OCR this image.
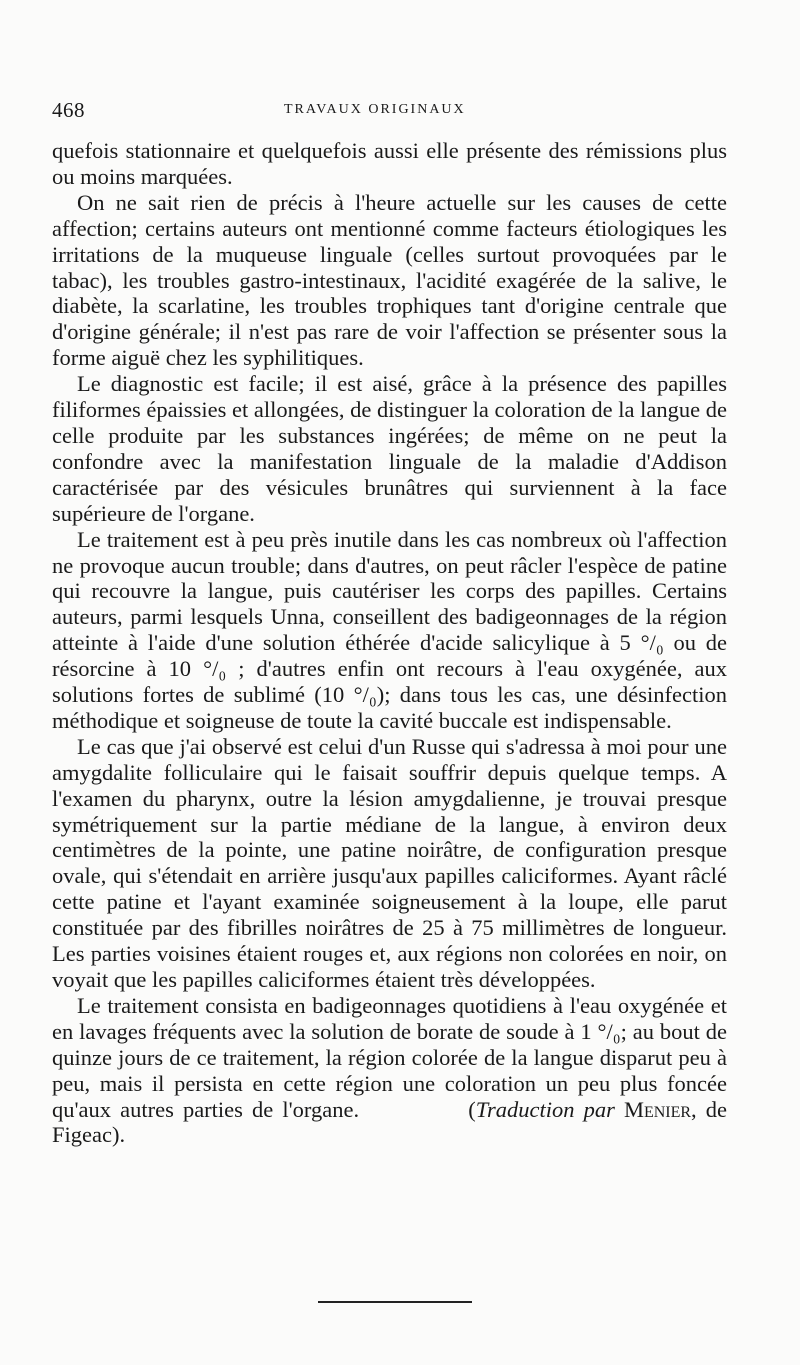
468	TRAVAUX ORIGINAUX

quefois stationnaire et quelquefois aussi elle présente des rémissions plus ou moins marquées.

On ne sait rien de précis à l'heure actuelle sur les causes de cette affection; certains auteurs ont mentionné comme facteurs étiologiques les irritations de la muqueuse linguale (celles surtout provoquées par le tabac), les troubles gastro-intestinaux, l'acidité exagérée de la salive, le diabète, la scarlatine, les troubles trophiques tant d'origine centrale que d'origine générale; il n'est pas rare de voir l'affection se présenter sous la forme aiguë chez les syphilitiques.

Le diagnostic est facile; il est aisé, grâce à la présence des papilles filiformes épaissies et allongées, de distinguer la coloration de la langue de celle produite par les substances ingérées; de même on ne peut la confondre avec la manifestation linguale de la maladie d'Addison caractérisée par des vésicules brunâtres qui surviennent à la face supérieure de l'organe.

Le traitement est à peu près inutile dans les cas nombreux où l'affection ne provoque aucun trouble; dans d'autres, on peut râcler l'espèce de patine qui recouvre la langue, puis cautériser les corps des papilles. Certains auteurs, parmi lesquels Unna, conseillent des badigeonnages de la région atteinte à l'aide d'une solution éthérée d'acide salicylique à 5 °/₀ ou de résorcine à 10 °/₀ ; d'autres enfin ont recours à l'eau oxygénée, aux solutions fortes de sublimé (10 °/₀); dans tous les cas, une désinfection méthodique et soigneuse de toute la cavité buccale est indispensable.

Le cas que j'ai observé est celui d'un Russe qui s'adressa à moi pour une amygdalite folliculaire qui le faisait souffrir depuis quelque temps. A l'examen du pharynx, outre la lésion amygdalienne, je trouvai presque symétriquement sur la partie médiane de la langue, à environ deux centimètres de la pointe, une patine noirâtre, de configuration presque ovale, qui s'étendait en arrière jusqu'aux papilles caliciformes. Ayant râclé cette patine et l'ayant examinée soigneusement à la loupe, elle parut constituée par des fibrilles noirâtres de 25 à 75 millimètres de longueur. Les parties voisines étaient rouges et, aux régions non colorées en noir, on voyait que les papilles caliciformes étaient très développées.

Le traitement consista en badigeonnages quotidiens à l'eau oxygénée et en lavages fréquents avec la solution de borate de soude à 1 °/₀; au bout de quinze jours de ce traitement, la région colorée de la langue disparut peu à peu, mais il persista en cette région une coloration un peu plus foncée qu'aux autres parties de l'organe.	(Traduction par Menier, de Figeac).
